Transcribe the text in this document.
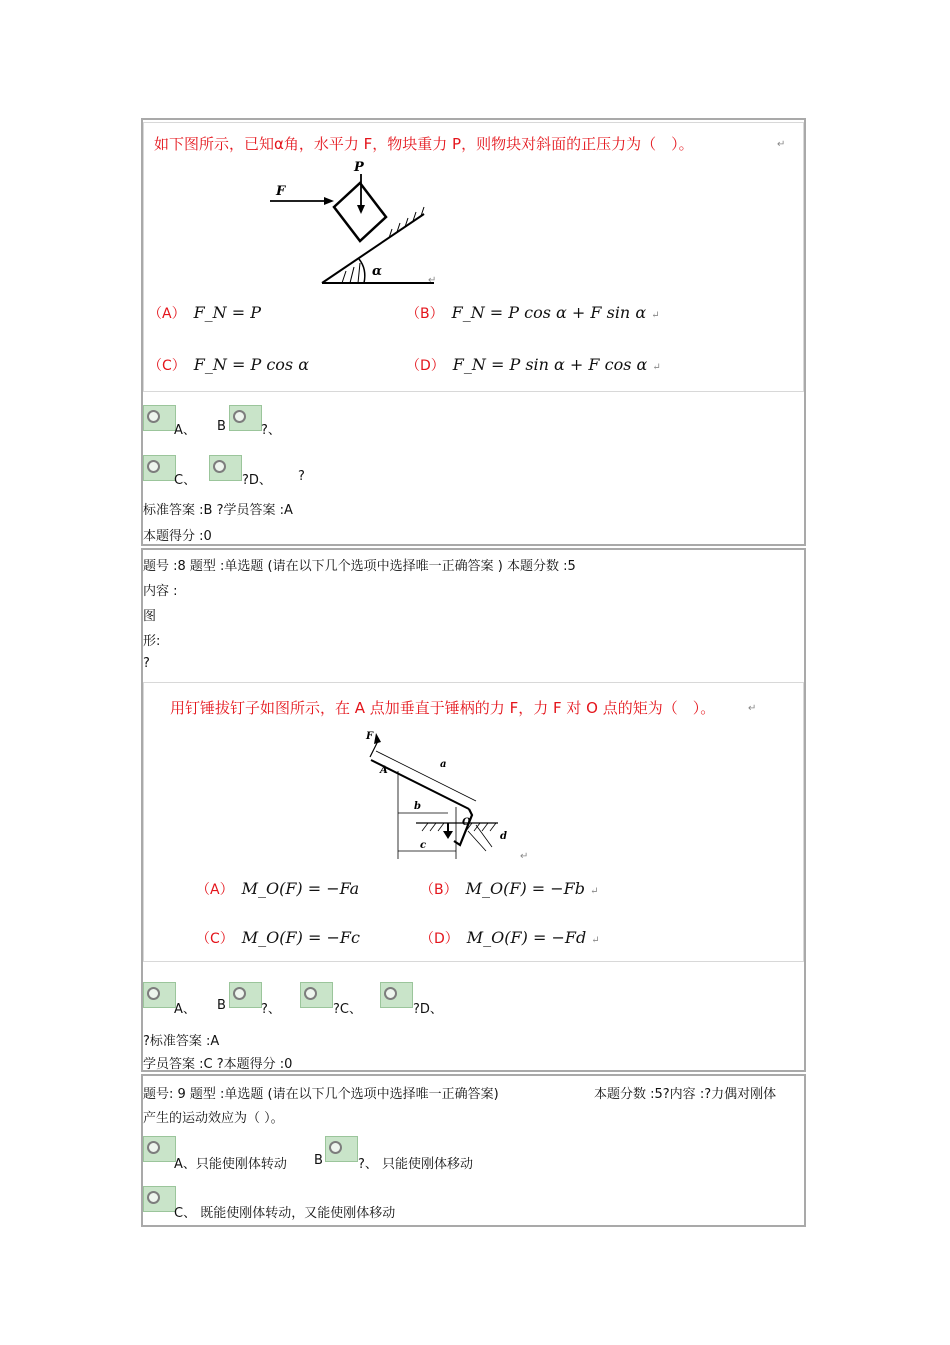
如下图所示，已知α角，水平力 F，物块重力 P，则物块对斜面的正压力为（　）。	↵
P
F
α
↵
（A） F_N = P	（B） F_N = P cos α + F sin α ↵
（C） F_N = P cos α	（D） F_N = P sin α + F cos α ↵
A、 B	?、
C、	?D、 ?
标准答案 :B ?学员答案 :A
本题得分 :0
题号 :8 题型 :单选题 (请在以下几个选项中选择唯一正确答案 ) 本题分数 :5
内容 :
图
形:
?
用钉锤拔钉子如图所示，在 A 点加垂直于锤柄的力 F，力 F 对 O 点的矩为（　）。	↵
F
A
a
b
c
d
O
↵
（A） M_O(F) = −Fa	（B） M_O(F) = −Fb ↵
（C） M_O(F) = −Fc	（D） M_O(F) = −Fd ↵
A、 B	?、	?C、	?D、
?标准答案 :A
学员答案 :C ?本题得分 :0
题号: 9 题型 :单选题 (请在以下几个选项中选择唯一正确答案)	本题分数 :5?内容 :?力偶对刚体
产生的运动效应为（ ）。
A、只能使刚体转动 B	?、 只能使刚体移动
C、 既能使刚体转动，又能使刚体移动
